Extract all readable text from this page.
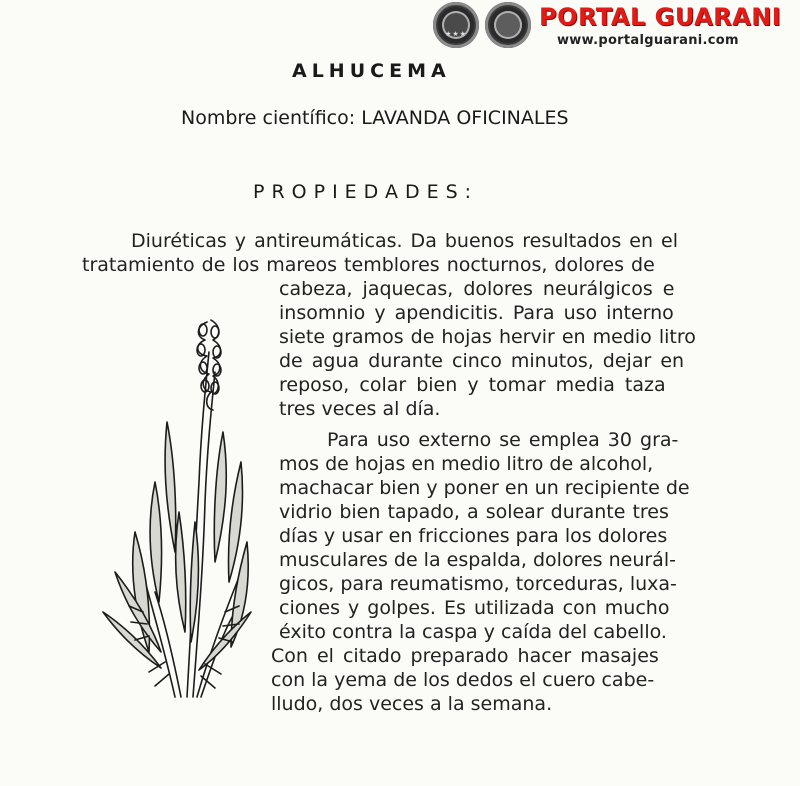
★★★
PORTAL GUARANI
www.portalguarani.com
ALHUCEMA
Nombre científico: LAVANDA OFICINALES
PROPIEDADES:
Diuréticas y antireumáticas. Da buenos resultados en el
tratamiento de los mareos temblores nocturnos, dolores de
cabeza, jaquecas, dolores neurálgicos e
insomnio y apendicitis. Para uso interno
siete gramos de hojas hervir en medio litro
de agua durante cinco minutos, dejar en
reposo, colar bien y tomar media taza
tres veces al día.
Para uso externo se emplea 30 gra-
mos de hojas en medio litro de alcohol,
machacar bien y poner en un recipiente de
vidrio bien tapado, a solear durante tres
días y usar en fricciones para los dolores
musculares de la espalda, dolores neurál-
gicos, para reumatismo, torceduras, luxa-
ciones y golpes. Es utilizada con mucho
éxito contra la caspa y caída del cabello.
Con el citado preparado hacer masajes
con la yema de los dedos el cuero cabe-
lludo, dos veces a la semana.
